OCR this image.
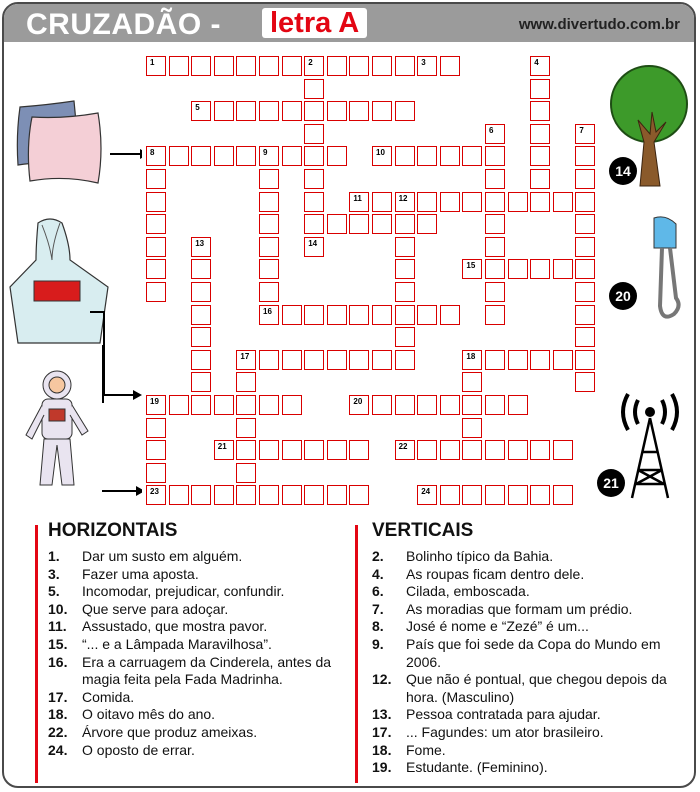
CRUZADÃO - letra A	www.divertudo.com.br
2	3
5
8	9	10
11	12
15
16
17	18
19	20
21	22
23	24
4
6	7
13
1
14
14
20
21
HORIZONTAIS
1.	Dar um susto em alguém.
3.	Fazer uma aposta.
5.	Incomodar, prejudicar, confundir.
10.	Que serve para adoçar.
11.	Assustado, que mostra pavor.
15.	“... e a Lâmpada Maravilhosa”.
16.	Era a carruagem da Cinderela, antes da magia feita pela Fada Madrinha.
17.	Comida.
18.	O oitavo mês do ano.
22.	Árvore que produz ameixas.
24.	O oposto de errar.
VERTICAIS
2.	Bolinho típico da Bahia.
4.	As roupas ficam dentro dele.
6.	Cilada, emboscada.
7.	As moradias que formam um prédio.
8.	José é nome e “Zezé” é um...
9.	País que foi sede da Copa do Mundo em 2006.
12.	Que não é pontual, que chegou depois da hora. (Masculino)
13.	Pessoa contratada para ajudar.
17.	... Fagundes: um ator brasileiro.
18.	Fome.
19.	Estudante. (Feminino).
